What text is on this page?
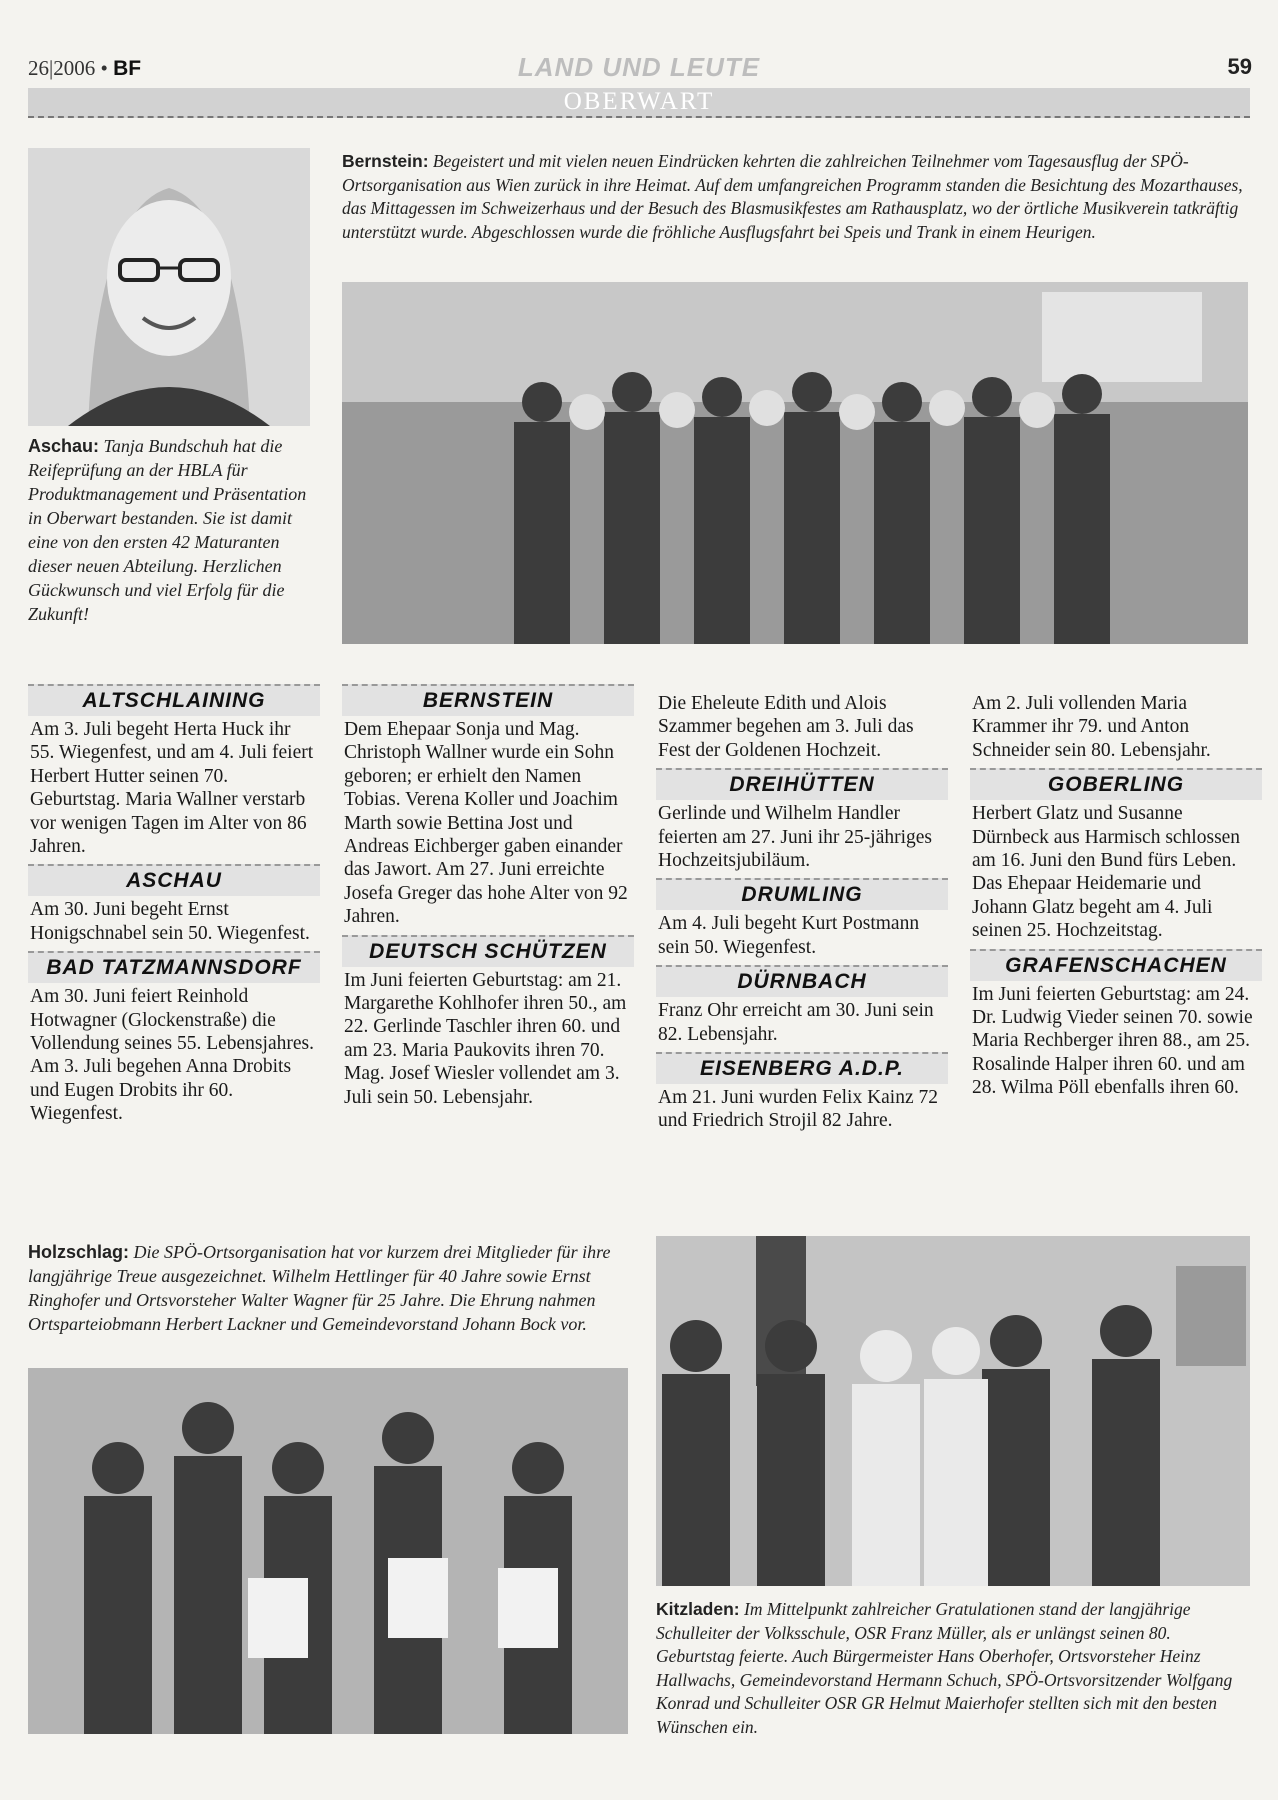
26|2006 • BF	LAND UND LEUTE	59
OBERWART
Aschau: Tanja Bundschuh hat die Reifeprüfung an der HBLA für Produktmanagement und Präsentation in Oberwart bestanden. Sie ist damit eine von den ersten 42 Maturanten dieser neuen Abteilung. Herzlichen Gückwunsch und viel Erfolg für die Zukunft!
Bernstein: Begeistert und mit vielen neuen Eindrücken kehrten die zahlreichen Teilnehmer vom Tagesausflug der SPÖ-Ortsorganisation aus Wien zurück in ihre Heimat. Auf dem umfangreichen Programm standen die Besichtung des Mozarthauses, das Mittagessen im Schweizerhaus und der Besuch des Blasmusikfestes am Rathausplatz, wo der örtliche Musikverein tatkräftig unterstützt wurde. Abgeschlossen wurde die fröhliche Ausflugsfahrt bei Speis und Trank in einem Heurigen.
ALTSCHLAINING
Am 3. Juli begeht Herta Huck ihr 55. Wiegenfest, und am 4. Juli feiert Herbert Hutter seinen 70. Geburtstag. Maria Wallner verstarb vor wenigen Tagen im Alter von 86 Jahren.
ASCHAU
Am 30. Juni begeht Ernst Honigschnabel sein 50. Wiegenfest.
BAD TATZMANNSDORF
Am 30. Juni feiert Reinhold Hotwagner (Glockenstraße) die Vollendung seines 55. Lebensjahres. Am 3. Juli begehen Anna Drobits und Eugen Drobits ihr 60. Wiegenfest.
BERNSTEIN
Dem Ehepaar Sonja und Mag. Christoph Wallner wurde ein Sohn geboren; er erhielt den Namen Tobias. Verena Koller und Joachim Marth sowie Bettina Jost und Andreas Eichberger gaben einander das Jawort. Am 27. Juni erreichte Josefa Greger das hohe Alter von 92 Jahren.
DEUTSCH SCHÜTZEN
Im Juni feierten Geburtstag: am 21. Margarethe Kohlhofer ihren 50., am 22. Gerlinde Taschler ihren 60. und am 23. Maria Paukovits ihren 70. Mag. Josef Wiesler vollendet am 3. Juli sein 50. Lebensjahr.
Die Eheleute Edith und Alois Szammer begehen am 3. Juli das Fest der Goldenen Hochzeit.
DREIHÜTTEN
Gerlinde und Wilhelm Handler feierten am 27. Juni ihr 25-jähriges Hochzeitsjubiläum.
DRUMLING
Am 4. Juli begeht Kurt Postmann sein 50. Wiegenfest.
DÜRNBACH
Franz Ohr erreicht am 30. Juni sein 82. Lebensjahr.
EISENBERG A.D.P.
Am 21. Juni wurden Felix Kainz 72 und Friedrich Strojil 82 Jahre.
Am 2. Juli vollenden Maria Krammer ihr 79. und Anton Schneider sein 80. Lebensjahr.
GOBERLING
Herbert Glatz und Susanne Dürnbeck aus Harmisch schlossen am 16. Juni den Bund fürs Leben. Das Ehepaar Heidemarie und Johann Glatz begeht am 4. Juli seinen 25. Hochzeitstag.
GRAFENSCHACHEN
Im Juni feierten Geburtstag: am 24. Dr. Ludwig Vieder seinen 70. sowie Maria Rechberger ihren 88., am 25. Rosalinde Halper ihren 60. und am 28. Wilma Pöll ebenfalls ihren 60.
Holzschlag: Die SPÖ-Ortsorganisation hat vor kurzem drei Mitglieder für ihre langjährige Treue ausgezeichnet. Wilhelm Hettlinger für 40 Jahre sowie Ernst Ringhofer und Ortsvorsteher Walter Wagner für 25 Jahre. Die Ehrung nahmen Ortsparteiobmann Herbert Lackner und Gemeindevorstand Johann Bock vor.
Kitzladen: Im Mittelpunkt zahlreicher Gratulationen stand der langjährige Schulleiter der Volksschule, OSR Franz Müller, als er unlängst seinen 80. Geburtstag feierte. Auch Bürgermeister Hans Oberhofer, Ortsvorsteher Heinz Hallwachs, Gemeindevorstand Hermann Schuch, SPÖ-Ortsvorsitzender Wolfgang Konrad und Schulleiter OSR GR Helmut Maierhofer stellten sich mit den besten Wünschen ein.
